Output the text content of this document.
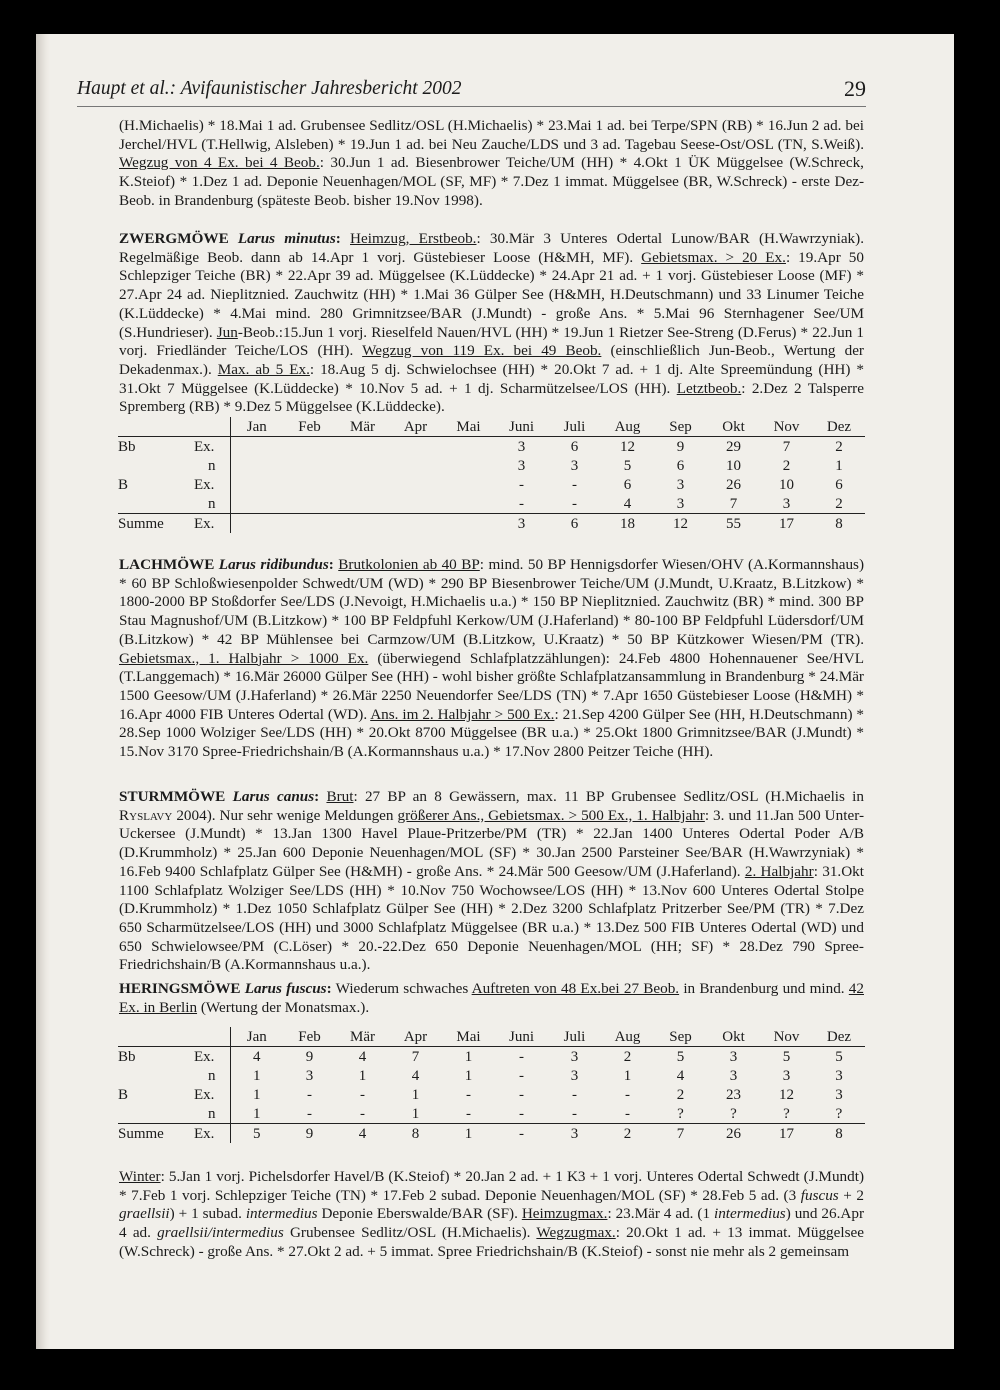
Haupt et al.: Avifaunistischer Jahresbericht 2002	29
(H.Michaelis) * 18.Mai 1 ad. Grubensee Sedlitz/OSL (H.Michaelis) * 23.Mai 1 ad. bei Terpe/SPN (RB) * 16.Jun 2 ad. bei Jerchel/HVL (T.Hellwig, Alsleben) * 19.Jun 1 ad. bei Neu Zauche/LDS und 3 ad. Tagebau Seese-Ost/OSL (TN, S.Weiß). Wegzug von 4 Ex. bei 4 Beob.: 30.Jun 1 ad. Biesenbrower Teiche/UM (HH) * 4.Okt 1 ÜK Müggelsee (W.Schreck, K.Steiof) * 1.Dez 1 ad. Deponie Neuenhagen/MOL (SF, MF) * 7.Dez 1 immat. Müggelsee (BR, W.Schreck) - erste Dez-Beob. in Brandenburg (späteste Beob. bisher 19.Nov 1998).
ZWERGMÖWE Larus minutus: Heimzug, Erstbeob.: 30.Mär 3 Unteres Odertal Lunow/BAR (H.Wawrzyniak). Regelmäßige Beob. dann ab 14.Apr 1 vorj. Güstebieser Loose (H&MH, MF). Gebietsmax. > 20 Ex.: 19.Apr 50 Schlepziger Teiche (BR) * 22.Apr 39 ad. Müggelsee (K.Lüddecke) * 24.Apr 21 ad. + 1 vorj. Güstebieser Loose (MF) * 27.Apr 24 ad. Nieplitznied. Zauchwitz (HH) * 1.Mai 36 Gülper See (H&MH, H.Deutschmann) und 33 Linumer Teiche (K.Lüddecke) * 4.Mai mind. 280 Grimnitzsee/BAR (J.Mundt) - große Ans. * 5.Mai 96 Sternhagener See/UM (S.Hundrieser). Jun-Beob.:15.Jun 1 vorj. Rieselfeld Nauen/HVL (HH) * 19.Jun 1 Rietzer See-Streng (D.Ferus) * 22.Jun 1 vorj. Friedländer Teiche/LOS (HH). Wegzug von 119 Ex. bei 49 Beob. (einschließlich Jun-Beob., Wertung der Dekadenmax.). Max. ab 5 Ex.: 18.Aug 5 dj. Schwielochsee (HH) * 20.Okt 7 ad. + 1 dj. Alte Spreemündung (HH) * 31.Okt 7 Müggelsee (K.Lüddecke) * 10.Nov 5 ad. + 1 dj. Scharmützelsee/LOS (HH). Letztbeob.: 2.Dez 2 Talsperre Spremberg (RB) * 9.Dez 5 Müggelsee (K.Lüddecke).
		Jan	Feb	Mär	Apr	Mai	Juni	Juli	Aug	Sep	Okt	Nov	Dez
Bb	Ex.						3	6	12	9	29	7	2
	n						3	3	5	6	10	2	1
B	Ex.						-	-	6	3	26	10	6
	n						-	-	4	3	7	3	2
Summe	Ex.						3	6	18	12	55	17	8
LACHMÖWE Larus ridibundus: Brutkolonien ab 40 BP: mind. 50 BP Hennigsdorfer Wiesen/OHV (A.Kormannshaus) * 60 BP Schloßwiesenpolder Schwedt/UM (WD) * 290 BP Biesenbrower Teiche/UM (J.Mundt, U.Kraatz, B.Litzkow) * 1800-2000 BP Stoßdorfer See/LDS (J.Nevoigt, H.Michaelis u.a.) * 150 BP Nieplitznied. Zauchwitz (BR) * mind. 300 BP Stau Magnushof/UM (B.Litzkow) * 100 BP Feldpfuhl Kerkow/UM (J.Haferland) * 80-100 BP Feldpfuhl Lüdersdorf/UM (B.Litzkow) * 42 BP Mühlensee bei Carmzow/UM (B.Litzkow, U.Kraatz) * 50 BP Kützkower Wiesen/PM (TR). Gebietsmax., 1. Halbjahr > 1000 Ex. (überwiegend Schlafplatzzählungen): 24.Feb 4800 Hohennauener See/HVL (T.Langgemach) * 16.Mär 26000 Gülper See (HH) - wohl bisher größte Schlafplatzansammlung in Brandenburg * 24.Mär 1500 Geesow/UM (J.Haferland) * 26.Mär 2250 Neuendorfer See/LDS (TN) * 7.Apr 1650 Güstebieser Loose (H&MH) * 16.Apr 4000 FIB Unteres Odertal (WD). Ans. im 2. Halbjahr > 500 Ex.: 21.Sep 4200 Gülper See (HH, H.Deutschmann) * 28.Sep 1000 Wolziger See/LDS (HH) * 20.Okt 8700 Müggelsee (BR u.a.) * 25.Okt 1800 Grimnitzsee/BAR (J.Mundt) * 15.Nov 3170 Spree-Friedrichshain/B (A.Kormannshaus u.a.) * 17.Nov 2800 Peitzer Teiche (HH).
STURMMÖWE Larus canus: Brut: 27 BP an 8 Gewässern, max. 11 BP Grubensee Sedlitz/OSL (H.Michaelis in Ryslavy 2004). Nur sehr wenige Meldungen größerer Ans., Gebietsmax. > 500 Ex., 1. Halbjahr: 3. und 11.Jan 500 Unter-Uckersee (J.Mundt) * 13.Jan 1300 Havel Plaue-Pritzerbe/PM (TR) * 22.Jan 1400 Unteres Odertal Poder A/B (D.Krummholz) * 25.Jan 600 Deponie Neuenhagen/MOL (SF) * 30.Jan 2500 Parsteiner See/BAR (H.Wawrzyniak) * 16.Feb 9400 Schlafplatz Gülper See (H&MH) - große Ans. * 24.Mär 500 Geesow/UM (J.Haferland). 2. Halbjahr: 31.Okt 1100 Schlafplatz Wolziger See/LDS (HH) * 10.Nov 750 Wochowsee/LOS (HH) * 13.Nov 600 Unteres Odertal Stolpe (D.Krummholz) * 1.Dez 1050 Schlafplatz Gülper See (HH) * 2.Dez 3200 Schlafplatz Pritzerber See/PM (TR) * 7.Dez 650 Scharmützelsee/LOS (HH) und 3000 Schlafplatz Müggelsee (BR u.a.) * 13.Dez 500 FIB Unteres Odertal (WD) und 650 Schwielowsee/PM (C.Löser) * 20.-22.Dez 650 Deponie Neuenhagen/MOL (HH; SF) * 28.Dez 790 Spree-Friedrichshain/B (A.Kormannshaus u.a.).
HERINGSMÖWE Larus fuscus: Wiederum schwaches Auftreten von 48 Ex.bei 27 Beob. in Brandenburg und mind. 42 Ex. in Berlin (Wertung der Monatsmax.).
		Jan	Feb	Mär	Apr	Mai	Juni	Juli	Aug	Sep	Okt	Nov	Dez
Bb	Ex.	4	9	4	7	1	-	3	2	5	3	5	5
	n	1	3	1	4	1	-	3	1	4	3	3	3
B	Ex.	1	-	-	1	-	-	-	-	2	23	12	3
	n	1	-	-	1	-	-	-	-	?	?	?	?
Summe	Ex.	5	9	4	8	1	-	3	2	7	26	17	8
Winter: 5.Jan 1 vorj. Pichelsdorfer Havel/B (K.Steiof) * 20.Jan 2 ad. + 1 K3 + 1 vorj. Unteres Odertal Schwedt (J.Mundt) * 7.Feb 1 vorj. Schlepziger Teiche (TN) * 17.Feb 2 subad. Deponie Neuenhagen/MOL (SF) * 28.Feb 5 ad. (3 fuscus + 2 graellsii) + 1 subad. intermedius Deponie Eberswalde/BAR (SF). Heimzugmax.: 23.Mär 4 ad. (1 intermedius) und 26.Apr 4 ad. graellsii/intermedius Grubensee Sedlitz/OSL (H.Michaelis). Wegzugmax.: 20.Okt 1 ad. + 13 immat. Müggelsee (W.Schreck) - große Ans. * 27.Okt 2 ad. + 5 immat. Spree Friedrichshain/B (K.Steiof) - sonst nie mehr als 2 gemeinsam
